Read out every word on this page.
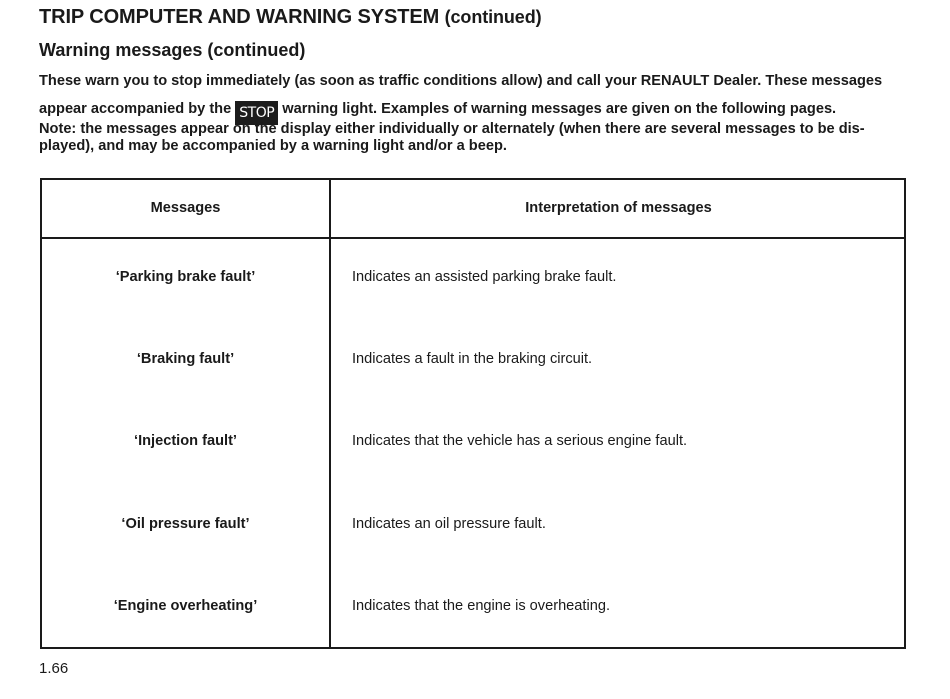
TRIP COMPUTER AND WARNING SYSTEM (continued)
Warning messages (continued)

These warn you to stop immediately (as soon as traffic conditions allow) and call your RENAULT Dealer. These messages appear accompanied by the STOP warning light. Examples of warning messages are given on the following pages.

Note: the messages appear on the display either individually or alternately (when there are several messages to be dis-played), and may be accompanied by a warning light and/or a beep.

Messages	Interpretation of messages
‘Parking brake fault’	Indicates an assisted parking brake fault.
‘Braking fault’	Indicates a fault in the braking circuit.
‘Injection fault’	Indicates that the vehicle has a serious engine fault.
‘Oil pressure fault’	Indicates an oil pressure fault.
‘Engine overheating’	Indicates that the engine is overheating.

1.66
